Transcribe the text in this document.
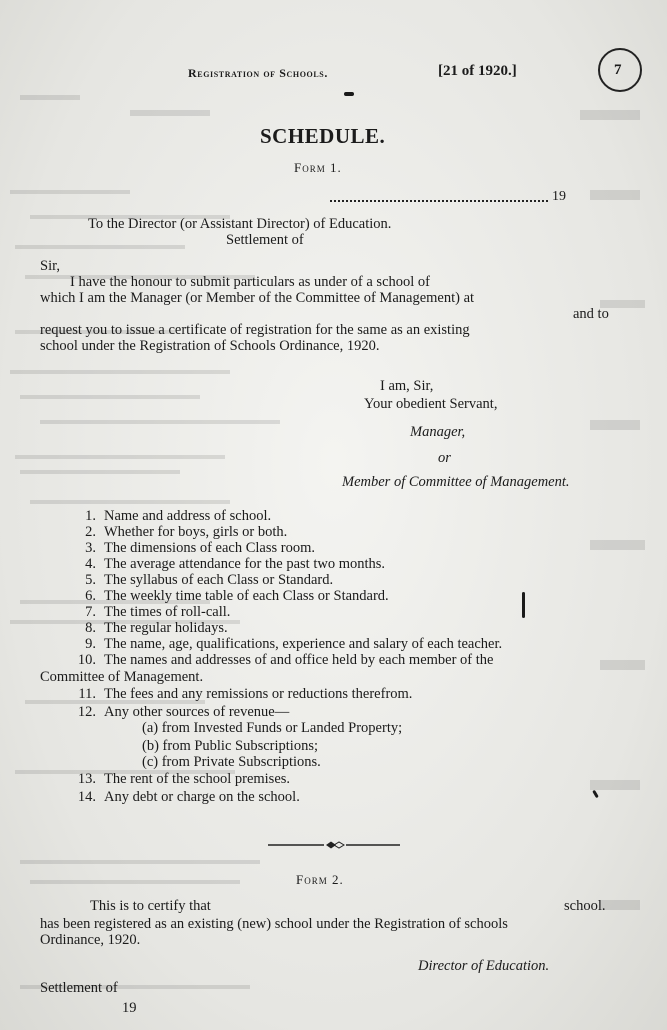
Registration of Schools.	[21 of 1920.]	7
SCHEDULE.
Form 1.
19
To the Director (or Assistant Director) of Education.
Settlement of
Sir,
I have the honour to submit particulars as under of a school of
which I am the Manager (or Member of the Committee of Management) at
and to
request you to issue a certificate of registration for the same as an existing
school under the Registration of Schools Ordinance, 1920.
I am, Sir,
Your obedient Servant,
Manager,
or
Member of Committee of Management.
1. Name and address of school.
2. Whether for boys, girls or both.
3. The dimensions of each Class room.
4. The average attendance for the past two months.
5. The syllabus of each Class or Standard.
6. The weekly time table of each Class or Standard.
7. The times of roll-call.
8. The regular holidays.
9. The name, age, qualifications, experience and salary of each teacher.
10. The names and addresses of and office held by each member of the
Committee of Management.
11. The fees and any remissions or reductions therefrom.
12. Any other sources of revenue—
(a) from Invested Funds or Landed Property;
(b) from Public Subscriptions;
(c) from Private Subscriptions.
13. The rent of the school premises.
14. Any debt or charge on the school.
Form 2.
This is to certify that	school.
has been registered as an existing (new) school under the Registration of schools
Ordinance, 1920.
Director of Education.
Settlement of
19
